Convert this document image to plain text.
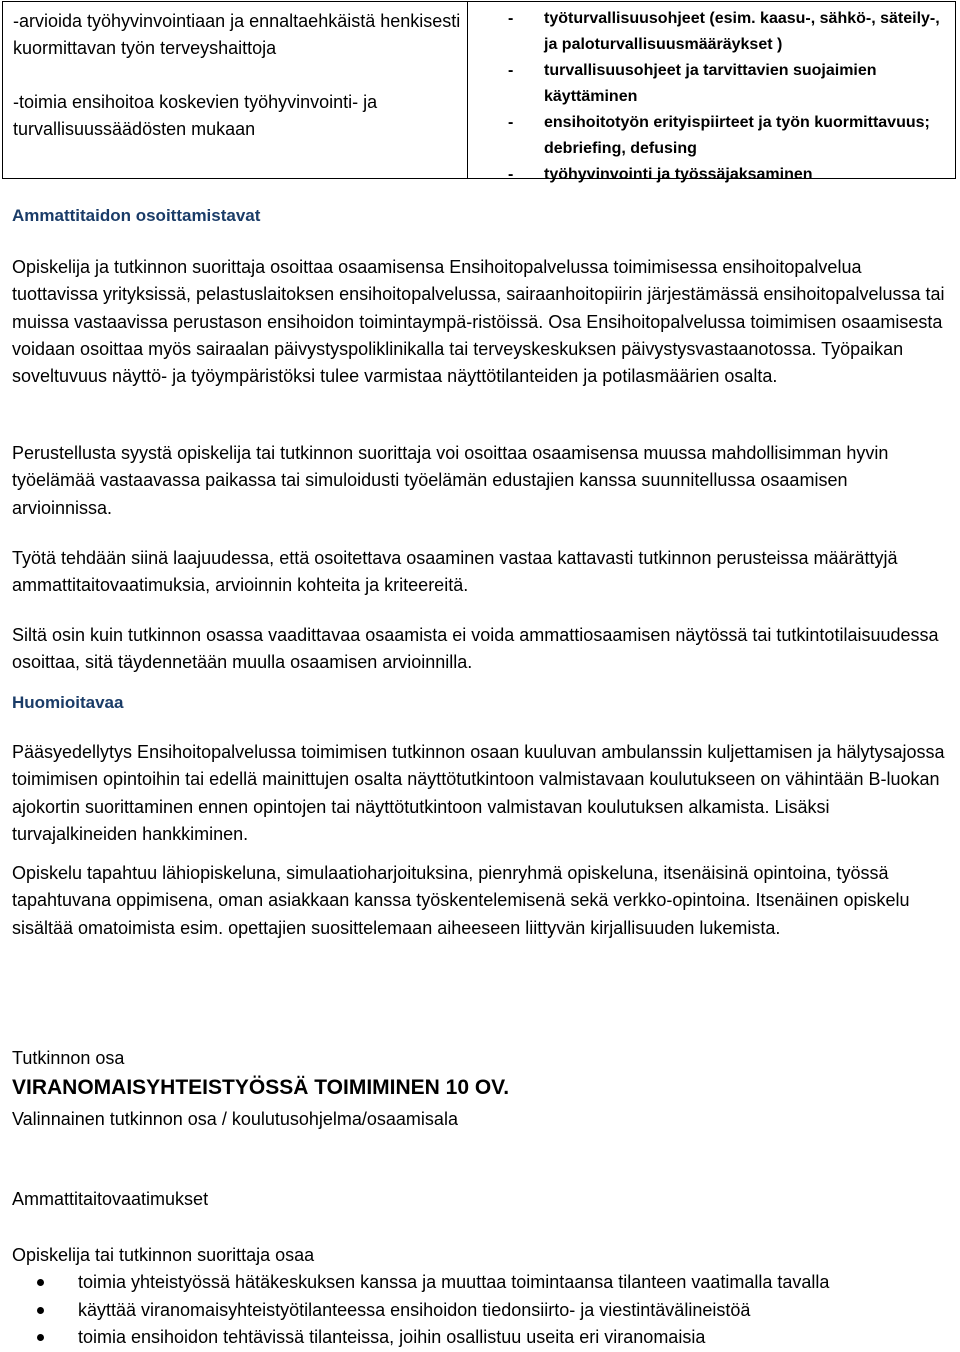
-arvioida työhyvinvointiaan ja ennaltaehkäistä henkisesti kuormittavan työn terveyshaittoja

-toimia ensihoitoa koskevien työhyvinvointi- ja turvallisuussäädösten mukaan

- työturvallisuusohjeet (esim. kaasu-, sähkö-, säteily-, ja paloturvallisuusmääräykset )
- turvallisuusohjeet ja tarvittavien suojaimien käyttäminen
- ensihoitotyön erityispiirteet ja työn kuormittavuus; debriefing, defusing
- työhyvinvointi ja työssäjaksaminen
Ammattitaidon osoittamistavat

Opiskelija ja tutkinnon suorittaja osoittaa osaamisensa Ensihoitopalvelussa toimimisessa ensihoitopalvelua tuottavissa yrityksissä, pelastuslaitoksen ensihoitopalvelussa, sairaanhoitopiirin järjestämässä ensihoitopalvelussa tai muissa vastaavissa perustason ensihoidon toimintaympä-ristöissä. Osa Ensihoitopalvelussa toimimisen osaamisesta voidaan osoittaa myös sairaalan päivystyspoliklinikalla tai terveyskeskuksen päivystysvastaanotossa. Työpaikan soveltuvuus näyttö- ja työympäristöksi tulee varmistaa näyttötilanteiden ja potilasmäärien osalta.

Perustellusta syystä opiskelija tai tutkinnon suorittaja voi osoittaa osaamisensa muussa mahdollisimman hyvin työelämää vastaavassa paikassa tai simuloidusti työelämän edustajien kanssa suunnitellussa osaamisen arvioinnissa.

Työtä tehdään siinä laajuudessa, että osoitettava osaaminen vastaa kattavasti tutkinnon perusteissa määrättyjä ammattitaitovaatimuksia, arvioinnin kohteita ja kriteereitä.

Siltä osin kuin tutkinnon osassa vaadittavaa osaamista ei voida ammattiosaamisen näytössä tai tutkintotilaisuudessa osoittaa, sitä täydennetään muulla osaamisen arvioinnilla.

Huomioitavaa

Pääsyedellytys Ensihoitopalvelussa toimimisen tutkinnon osaan kuuluvan ambulanssin kuljettamisen ja hälytysajossa toimimisen opintoihin tai edellä mainittujen osalta näyttötutkintoon valmistavaan koulutukseen on vähintään B-luokan ajokortin suorittaminen ennen opintojen tai näyttötutkintoon valmistavan koulutuksen alkamista. Lisäksi turvajalkineiden hankkiminen.

Opiskelu tapahtuu lähiopiskeluna, simulaatioharjoituksina, pienryhmä opiskeluna, itsenäisinä opintoina, työssä tapahtuvana oppimisena, oman asiakkaan kanssa työskentelemisenä sekä verkko-opintoina. Itsenäinen opiskelu sisältää omatoimista esim. opettajien suosittelemaan aiheeseen liittyvän kirjallisuuden lukemista.

Tutkinnon osa
VIRANOMAISYHTEISTYÖSSÄ TOIMIMINEN 10 OV.
Valinnainen tutkinnon osa / koulutusohjelma/osaamisala
Ammattitaitovaatimukset
Opiskelija tai tutkinnon suorittaja osaa
toimia yhteistyössä hätäkeskuksen kanssa ja muuttaa toimintaansa tilanteen vaatimalla tavalla
käyttää viranomaisyhteistyötilanteessa ensihoidon tiedonsiirto- ja viestintävälineistöä
toimia ensihoidon tehtävissä tilanteissa, joihin osallistuu useita eri viranomaisia
